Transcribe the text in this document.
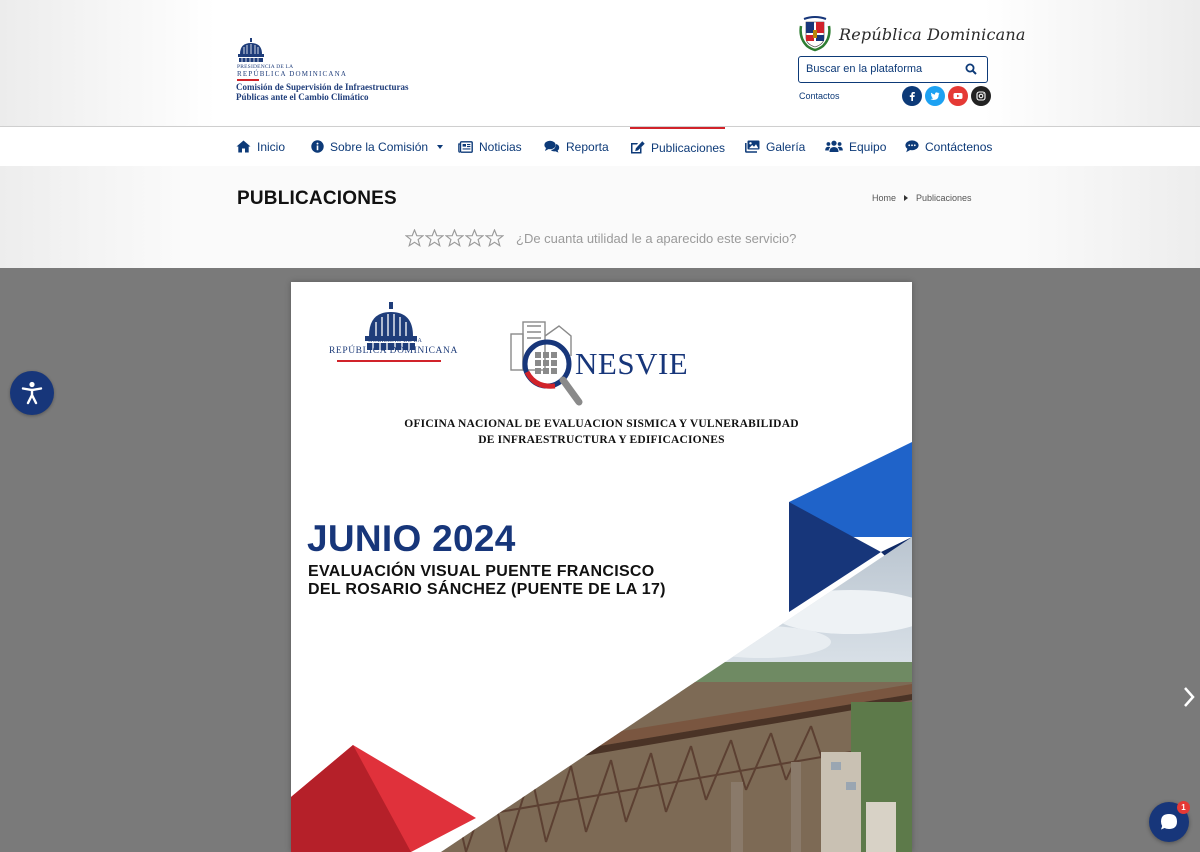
PRESIDENCIA DE LA
REPÚBLICA DOMINICANA
Comisión de Supervisión de Infraestructuras
Públicas ante el Cambio Climático
República Dominicana
Buscar en la plataforma
Contactos
Inicio	Sobre la Comisión	Noticias	Reporta	Publicaciones	Galería	Equipo	Contáctenos
PUBLICACIONES	Home Publicaciones
¿De cuanta utilidad le a aparecido este servicio?
GOBIERNO DE LA
REPÚBLICA DOMINICANA	NESVIE
OFICINA NACIONAL DE EVALUACION SISMICA Y VULNERABILIDAD
DE INFRAESTRUCTURA Y EDIFICACIONES
JUNIO 2024
EVALUACIÓN VISUAL PUENTE FRANCISCO
DEL ROSARIO SÁNCHEZ (PUENTE DE LA 17)
1
